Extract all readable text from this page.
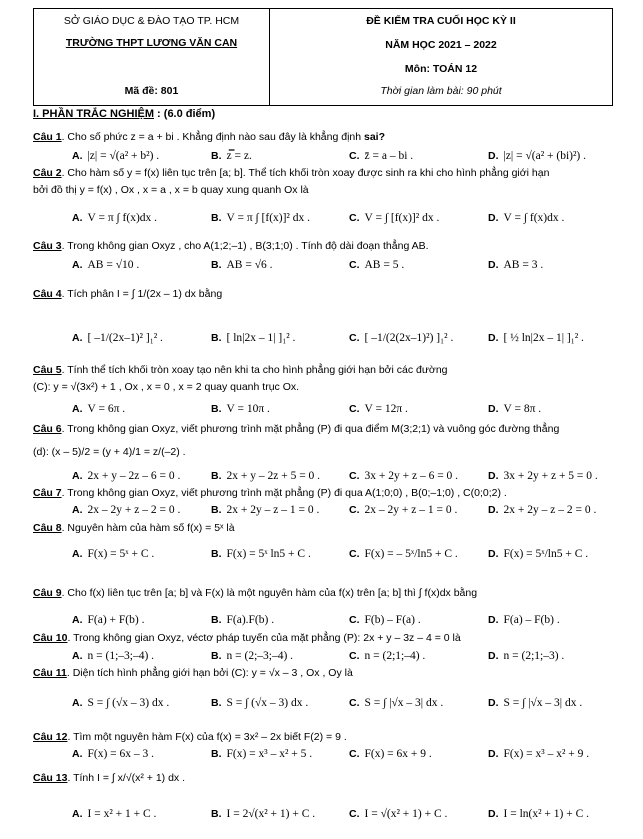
SỞ GIÁO DỤC & ĐÀO TẠO TP. HCM
TRƯỜNG THPT LƯƠNG VĂN CAN
Mã đề: 801
ĐỀ KIỂM TRA CUỐI HỌC KỲ II
NĂM HỌC 2021 – 2022
Môn: TOÁN 12
Thời gian làm bài: 90 phút
I. PHẦN TRẮC NGHIỆM : (6.0 điểm)
Câu 1. Cho số phức z = a + bi . Khẳng định nào sau đây là khẳng định sai?
A. |z| = √(a² + b²) .	B. z̿ = z.	C. z̄ = a – bi .	D. |z| = √(a² + (bi)²) .
Câu 2. Cho hàm số y = f(x) liên tục trên [a; b]. Thể tích khối tròn xoay được sinh ra khi cho hình phẳng giới hạn
bởi đồ thị y = f(x) , Ox , x = a , x = b quay xung quanh Ox là
A. V = π ∫ f(x)dx .	B. V = π ∫ [f(x)]² dx .	C. V = ∫ [f(x)]² dx .	D. V = ∫ f(x)dx .
Câu 3. Trong không gian Oxyz , cho A(1;2;–1) , B(3;1;0) . Tính độ dài đoạn thẳng AB.
A. AB = √10 .	B. AB = √6 .	C. AB = 5 .	D. AB = 3 .
Câu 4. Tích phân I = ∫ 1/(2x – 1) dx bằng
A. [ –1/(2x–1)² ]₁² .	B. [ ln|2x – 1| ]₁² .	C. [ –1/(2(2x–1)²) ]₁² .	D. [ ½ ln|2x – 1| ]₁² .
Câu 5. Tính thể tích khối tròn xoay tạo nên khi ta cho hình phẳng giới hạn bởi các đường
(C): y = √(3x²) + 1 , Ox , x = 0 , x = 2 quay quanh trục Ox.
A. V = 6π .	B. V = 10π .	C. V = 12π .	D. V = 8π .
Câu 6. Trong không gian Oxyz, viết phương trình mặt phẳng (P) đi qua điểm M(3;2;1) và vuông góc đường thẳng
(d): (x – 5)/2 = (y + 4)/1 = z/(–2) .
A. 2x + y – 2z – 6 = 0 .	B. 2x + y – 2z + 5 = 0 .	C. 3x + 2y + z – 6 = 0 .	D. 3x + 2y + z + 5 = 0 .
Câu 7. Trong không gian Oxyz, viết phương trình mặt phẳng (P) đi qua A(1;0;0) , B(0;–1;0) , C(0;0;2) .
A. 2x – 2y + z – 2 = 0 .	B. 2x + 2y – z – 1 = 0 .	C. 2x – 2y + z – 1 = 0 .	D. 2x + 2y – z – 2 = 0 .
Câu 8. Nguyên hàm của hàm số f(x) = 5ˣ là
A. F(x) = 5ˣ + C .	B. F(x) = 5ˣ ln5 + C .	C. F(x) = – 5ˣ/ln5 + C .	D. F(x) = 5ˣ/ln5 + C .
Câu 9. Cho f(x) liên tục trên [a; b] và F(x) là một nguyên hàm của f(x) trên [a; b] thì ∫ f(x)dx bằng
A. F(a) + F(b) .	B. F(a).F(b) .	C. F(b) – F(a) .	D. F(a) – F(b) .
Câu 10. Trong không gian Oxyz, véctơ pháp tuyến của mặt phẳng (P): 2x + y – 3z – 4 = 0 là
A. n = (1;–3;–4) .	B. n = (2;–3;–4) .	C. n = (2;1;–4) .	D. n = (2;1;–3) .
Câu 11. Diện tích hình phẳng giới hạn bởi (C): y = √x – 3 , Ox , Oy là
A. S = ∫ (√x – 3) dx .	B. S = ∫ (√x – 3) dx .	C. S = ∫ |√x – 3| dx .	D. S = ∫ |√x – 3| dx .
Câu 12. Tìm một nguyên hàm F(x) của f(x) = 3x² – 2x biết F(2) = 9 .
A. F(x) = 6x – 3 .	B. F(x) = x³ – x² + 5 .	C. F(x) = 6x + 9 .	D. F(x) = x³ – x² + 9 .
Câu 13. Tính I = ∫ x/√(x² + 1) dx .
A. I = x² + 1 + C .	B. I = 2√(x² + 1) + C .	C. I = √(x² + 1) + C .	D. I = ln(x² + 1) + C .
